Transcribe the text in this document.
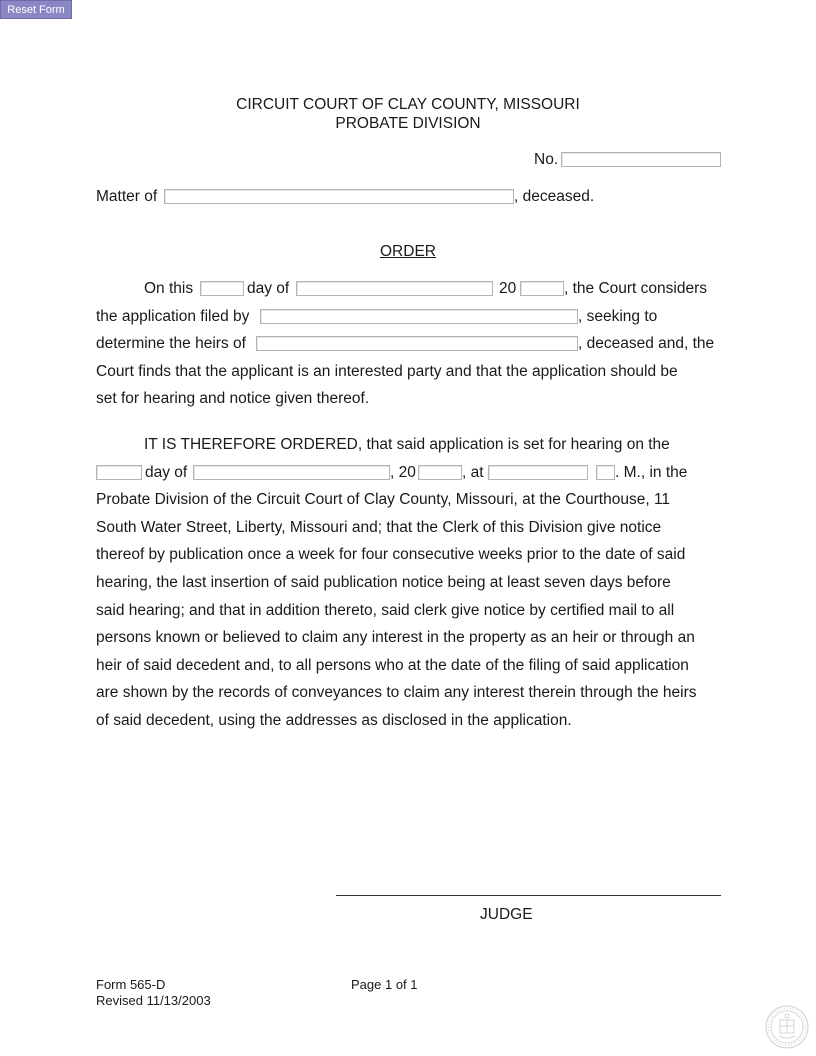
Reset Form
CIRCUIT COURT OF CLAY COUNTY, MISSOURI
PROBATE DIVISION
No.
Matter of	, deceased.
ORDER
On this	day of	20	, the Court considers
the application filed by	, seeking to
determine the heirs of	, deceased and, the
Court finds that the applicant is an interested party and that the application should be
set for hearing and notice given thereof.
IT IS THEREFORE ORDERED, that said application is set for hearing on the
day of	, 20	, at	. M., in the
Probate Division of the Circuit Court of Clay County, Missouri, at the Courthouse, 11
South Water Street, Liberty, Missouri and; that the Clerk of this Division give notice
thereof by publication once a week for four consecutive weeks prior to the date of said
hearing, the last insertion of said publication notice being at least seven days before
said hearing; and that in addition thereto, said clerk give notice by certified mail to all
persons known or believed to claim any interest in the property as an heir or through an
heir of said decedent and, to all persons who at the date of the filing of said application
are shown by the records of conveyances to claim any interest therein through the heirs
of said decedent, using the addresses as disclosed in the application.
JUDGE
Form 565-D
Revised 11/13/2003
Page 1 of 1
